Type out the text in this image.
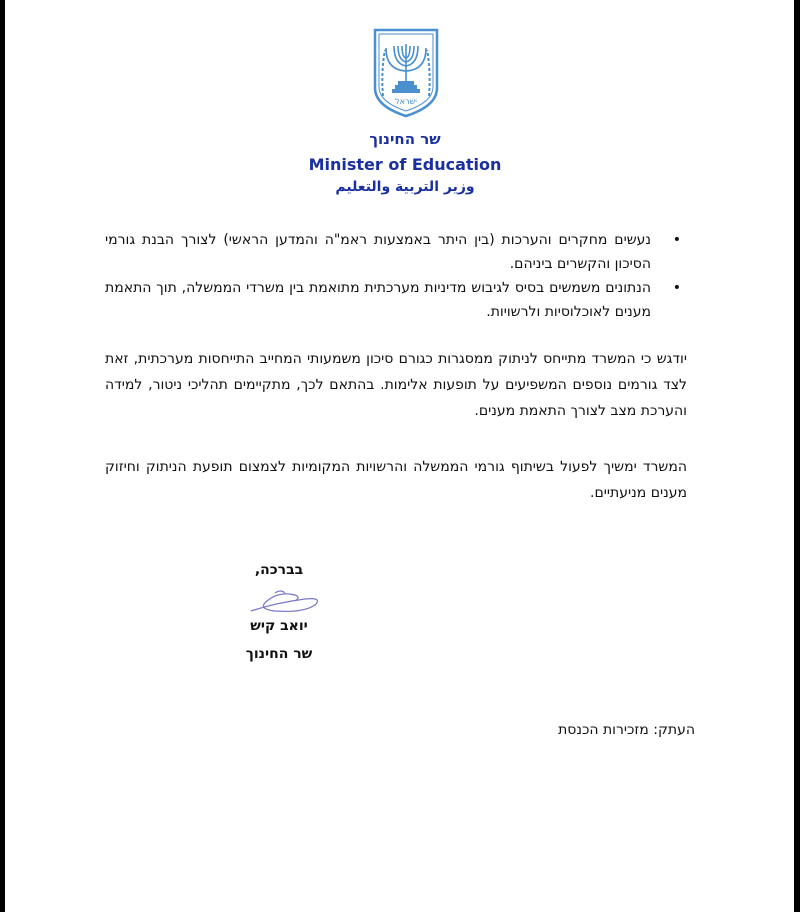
ישראל
שר החינוך
Minister of Education
وزير التربية والتعليم
•
נעשים מחקרים והערכות (בין היתר באמצעות ראמ"ה והמדען הראשי) לצורך הבנת גורמי הסיכון והקשרים ביניהם.
•
הנתונים משמשים בסיס לגיבוש מדיניות מערכתית מתואמת בין משרדי הממשלה, תוך התאמת מענים לאוכלוסיות ולרשויות.
יודגש כי המשרד מתייחס לניתוק ממסגרות כגורם סיכון משמעותי המחייב התייחסות מערכתית, זאת לצד גורמים נוספים המשפיעים על תופעות אלימות. בהתאם לכך, מתקיימים תהליכי ניטור, למידה והערכת מצב לצורך התאמת מענים.
המשרד ימשיך לפעול בשיתוף גורמי הממשלה והרשויות המקומיות לצמצום תופעת הניתוק וחיזוק מענים מניעתיים.
בברכה,
יואב קיש
שר החינוך
העתק: מזכירות הכנסת
